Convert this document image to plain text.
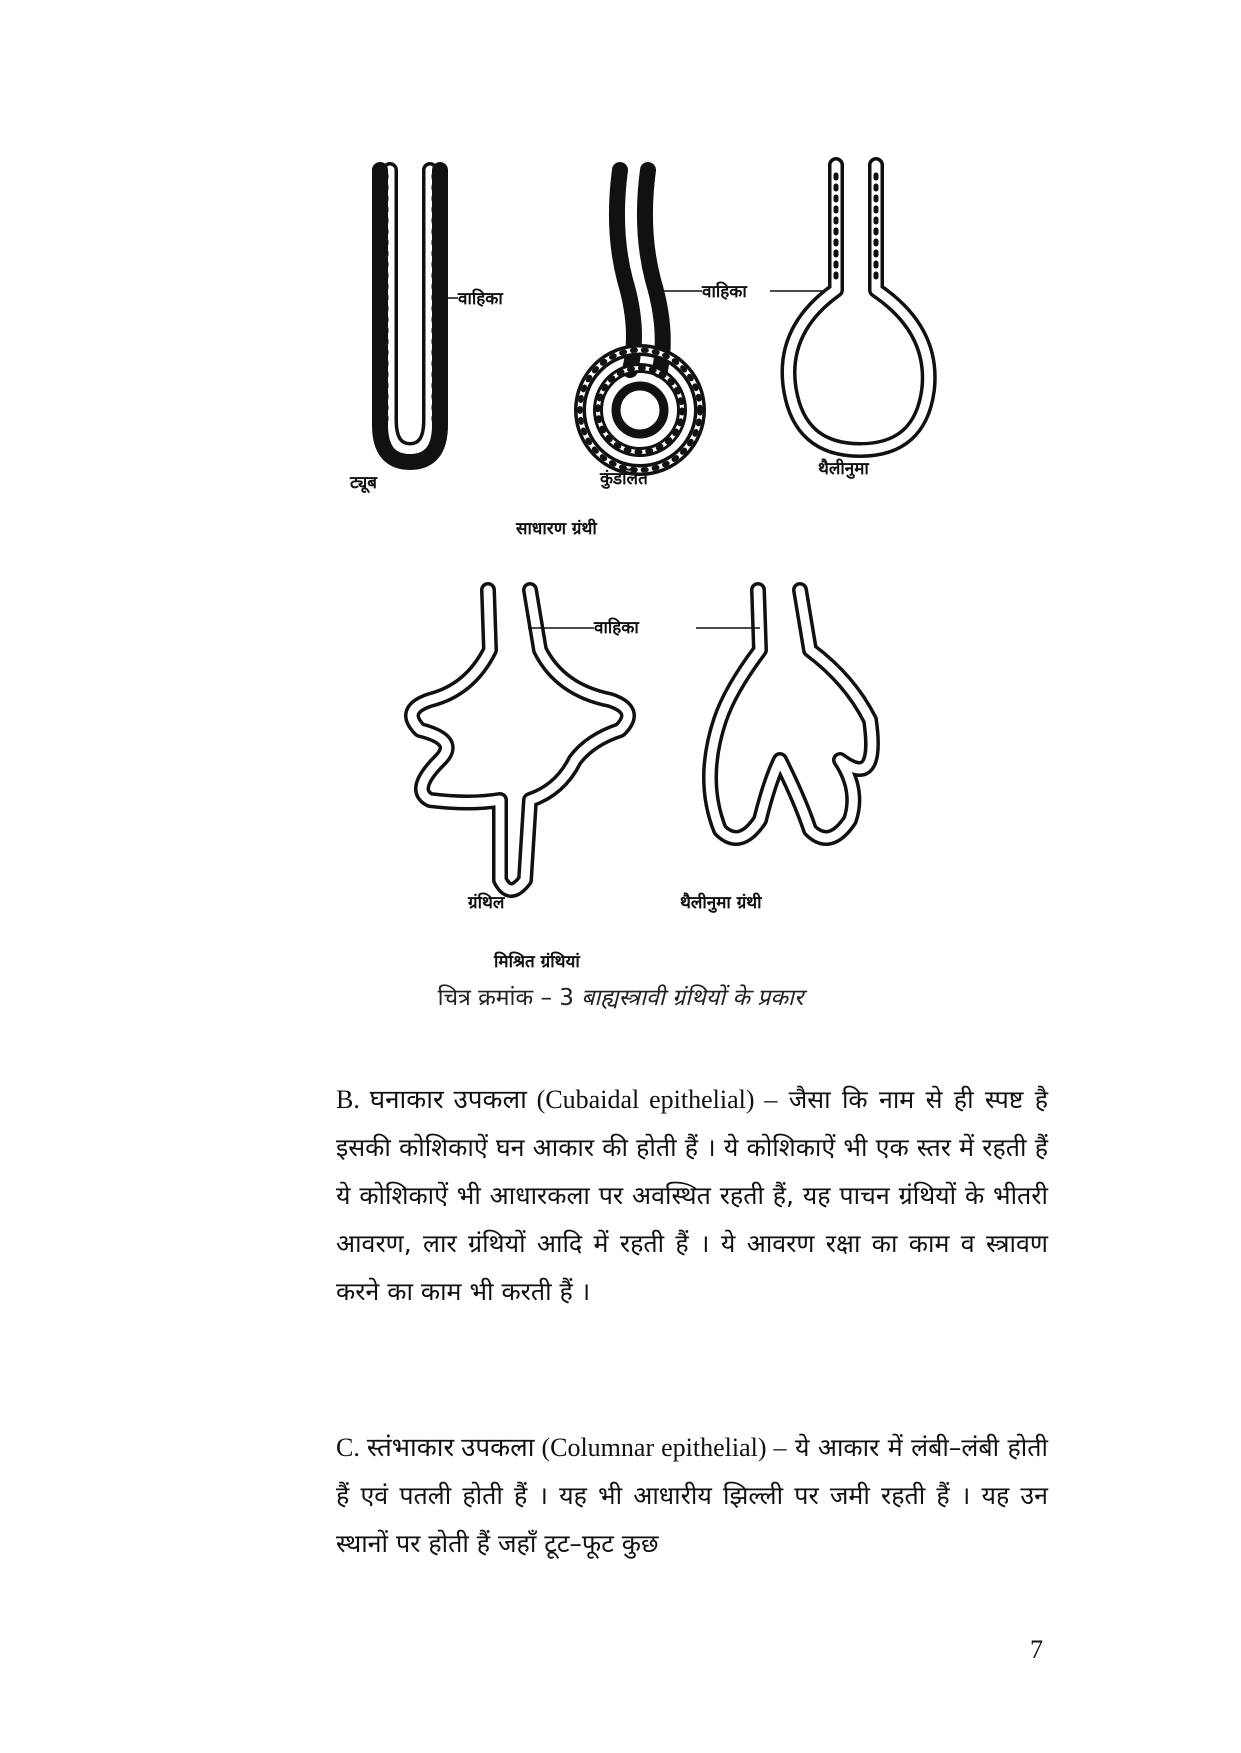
वाहिका
ट्यूब
वाहिका
कुंडलित	थैलीनुमा
साधारण ग्रंथी
वाहिका
ग्रंथिल	थैलीनुमा ग्रंथी
मिश्रित ग्रंथियां
चित्र क्रमांक – 3 बाह्यस्त्रावी ग्रंथियों के प्रकार
B. घनाकार उपकला (Cubaidal epithelial) – जैसा कि नाम से ही स्पष्ट है इसकी कोशिकाऐं घन आकार की होती हैं । ये कोशिकाऐं भी एक स्तर में रहती हैं ये कोशिकाऐं भी आधारकला पर अवस्थित रहती हैं, यह पाचन ग्रंथियों के भीतरी आवरण, लार ग्रंथियों आदि में रहती हैं । ये आवरण रक्षा का काम व स्त्रावण करने का काम भी करती हैं ।
C. स्तंभाकार उपकला (Columnar epithelial) – ये आकार में लंबी–लंबी होती हैं एवं पतली होती हैं । यह भी आधारीय झिल्ली पर जमी रहती हैं । यह उन स्थानों पर होती हैं जहाँ टूट–फूट कुछ
7
